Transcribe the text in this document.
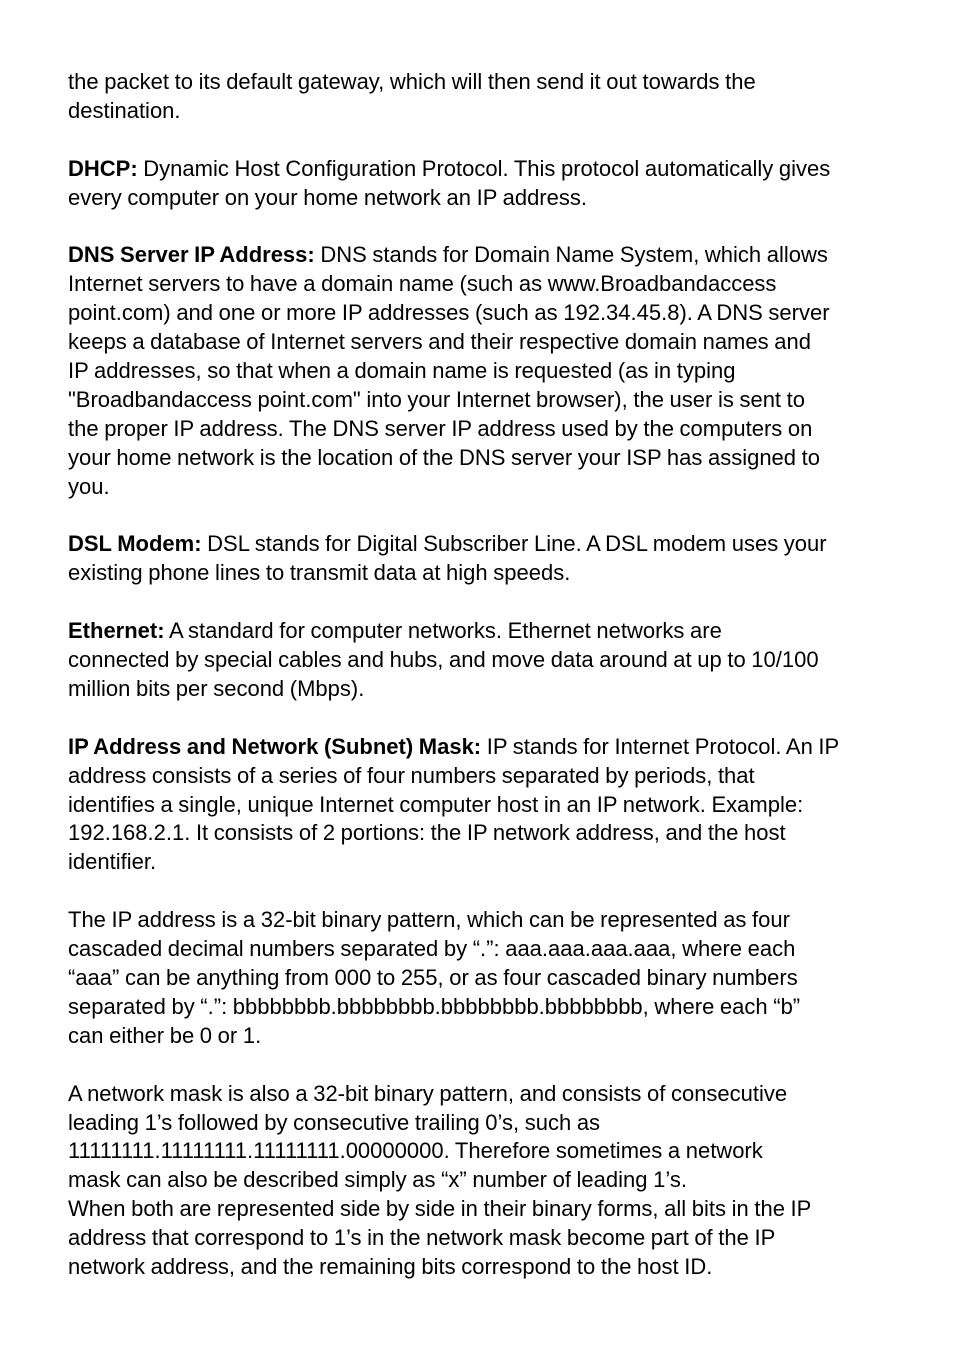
the packet to its default gateway, which will then send it out towards the
destination.

DHCP: Dynamic Host Configuration Protocol. This protocol automatically gives
every computer on your home network an IP address.

DNS Server IP Address: DNS stands for Domain Name System, which allows
Internet servers to have a domain name (such as www.Broadbandaccess
point.com) and one or more IP addresses (such as 192.34.45.8). A DNS server
keeps a database of Internet servers and their respective domain names and
IP addresses, so that when a domain name is requested (as in typing
"Broadbandaccess point.com" into your Internet browser), the user is sent to
the proper IP address. The DNS server IP address used by the computers on
your home network is the location of the DNS server your ISP has assigned to
you.

DSL Modem: DSL stands for Digital Subscriber Line. A DSL modem uses your
existing phone lines to transmit data at high speeds.

Ethernet: A standard for computer networks. Ethernet networks are
connected by special cables and hubs, and move data around at up to 10/100
million bits per second (Mbps).

IP Address and Network (Subnet) Mask: IP stands for Internet Protocol. An IP
address consists of a series of four numbers separated by periods, that
identifies a single, unique Internet computer host in an IP network. Example:
192.168.2.1. It consists of 2 portions: the IP network address, and the host
identifier.

The IP address is a 32-bit binary pattern, which can be represented as four
cascaded decimal numbers separated by “.”: aaa.aaa.aaa.aaa, where each
“aaa” can be anything from 000 to 255, or as four cascaded binary numbers
separated by “.”: bbbbbbbb.bbbbbbbb.bbbbbbbb.bbbbbbbb, where each “b”
can either be 0 or 1.

A network mask is also a 32-bit binary pattern, and consists of consecutive
leading 1’s followed by consecutive trailing 0’s, such as
11111111.11111111.11111111.00000000. Therefore sometimes a network
mask can also be described simply as “x” number of leading 1’s.

When both are represented side by side in their binary forms, all bits in the IP
address that correspond to 1’s in the network mask become part of the IP
network address, and the remaining bits correspond to the host ID.
